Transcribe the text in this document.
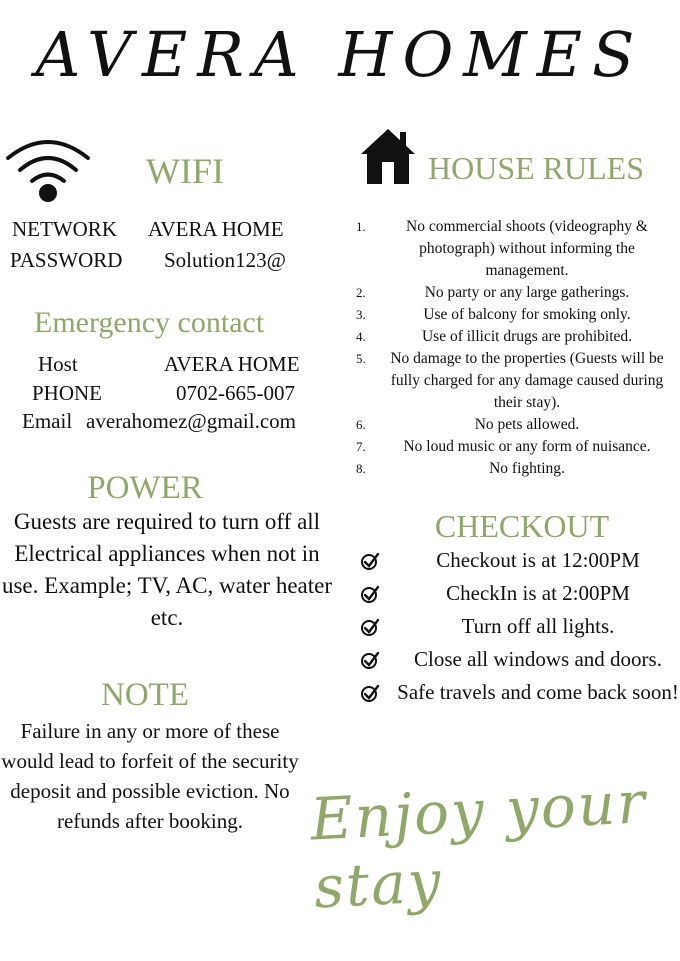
AVERA HOMES
WIFI
NETWORK AVERA HOME
PASSWORD Solution123@
Emergency contact
Host	AVERA HOME
PHONE	0702-665-007
Email averahomez@gmail.com
POWER
Guests are required to turn off all Electrical appliances when not in use. Example; TV, AC, water heater etc.
NOTE
Failure in any or more of these would lead to forfeit of the security deposit and possible eviction. No refunds after booking.
HOUSE RULES
1.	No commercial shoots (videography & photograph) without informing the management.
2.	No party or any large gatherings.
3.	Use of balcony for smoking only.
4.	Use of illicit drugs are prohibited.
5.	No damage to the properties (Guests will be fully charged for any damage caused during their stay).
6.	No pets allowed.
7.	No loud music or any form of nuisance.
8.	No fighting.
CHECKOUT
Checkout is at 12:00PM
CheckIn is at 2:00PM
Turn off all lights.
Close all windows and doors.
Safe travels and come back soon!
Enjoy your stay
